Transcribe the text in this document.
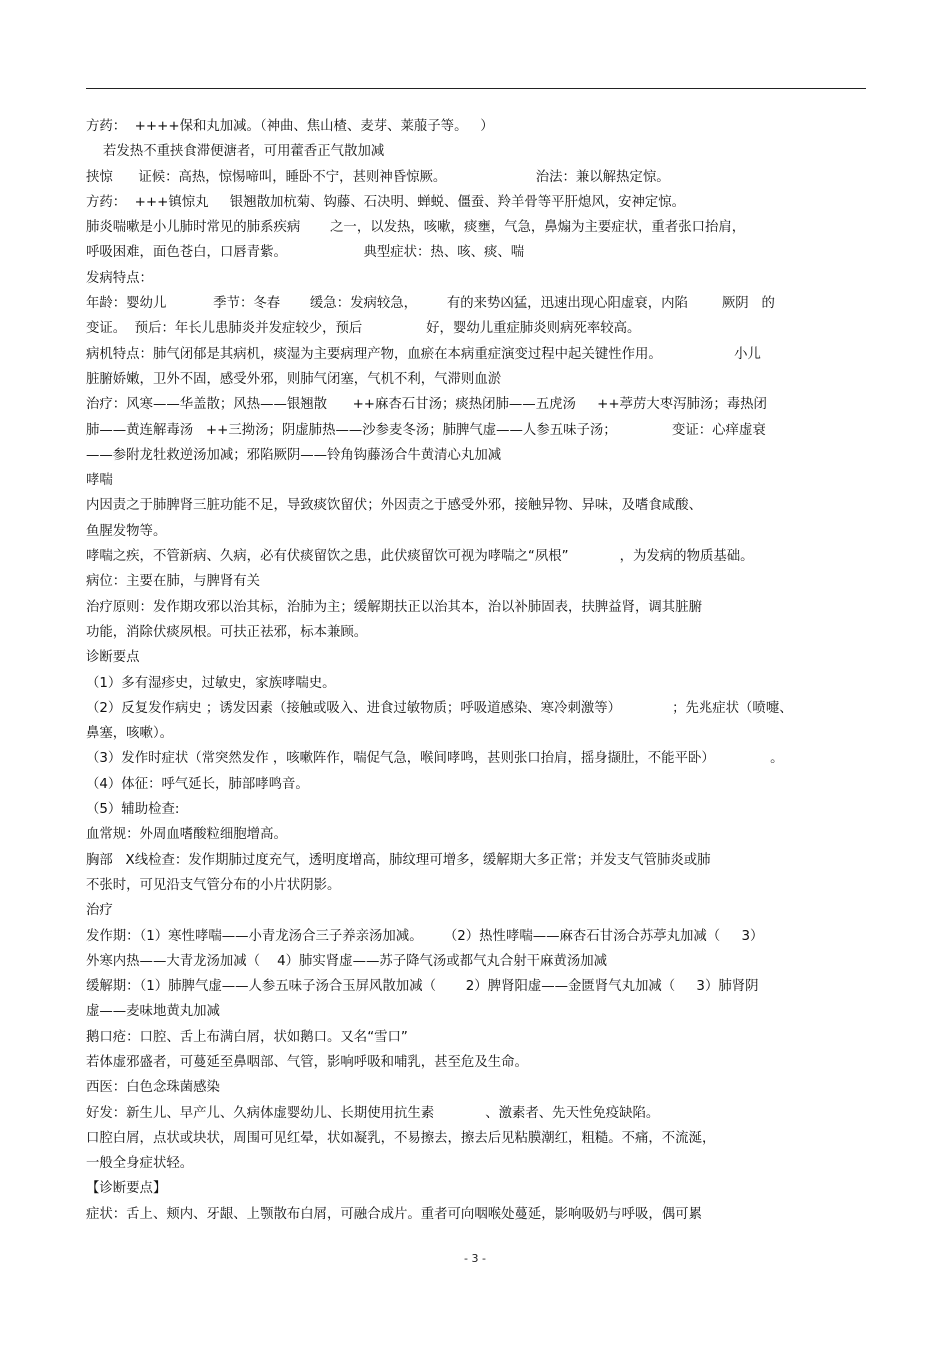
方药：  ++++保和丸加减。（神曲、焦山楂、麦芽、莱菔子等。   ）
若发热不重挟食滞便溏者，可用藿香正气散加减
挟惊      证候：高热，惊惕啼叫，睡卧不宁，甚则神昏惊厥。                     治法：兼以解热定惊。
方药：  +++镇惊丸     银翘散加杭菊、钩藤、石决明、蝉蜕、僵蚕、羚羊骨等平肝熄风，安神定惊。
肺炎喘嗽是小儿肺时常见的肺系疾病       之一，以发热，咳嗽，痰壅，气急，鼻煽为主要症状，重者张口抬肩，
呼吸困难，面色苍白，口唇青紫。                  典型症状：热、咳、痰、喘
发病特点：
年龄：婴幼儿           季节：冬春       缓急：发病较急，       有的来势凶猛，迅速出现心阳虚衰，内陷        厥阴   的
变证。  预后：年长儿患肺炎并发症较少，预后               好，婴幼儿重症肺炎则病死率较高。
病机特点：肺气闭郁是其病机，痰湿为主要病理产物，血瘀在本病重症演变过程中起关键性作用。                 小儿
脏腑娇嫩，卫外不固，感受外邪，则肺气闭塞，气机不利，气滞则血淤
治疗：风寒——华盖散；风热——银翘散      ++麻杏石甘汤；痰热闭肺——五虎汤     ++葶苈大枣泻肺汤；毒热闭
肺——黄连解毒汤   ++三拗汤；阴虚肺热——沙参麦冬汤；肺脾气虚——人参五味子汤；             变证：心痒虚衰
——参附龙牡救逆汤加减；邪陷厥阴——铃角钩藤汤合牛黄清心丸加减
哮喘
内因责之于肺脾肾三脏功能不足，导致痰饮留伏；外因责之于感受外邪，接触异物、异味，及嗜食咸酸、
鱼腥发物等。
哮喘之疾，不管新病、久病，必有伏痰留饮之患，此伏痰留饮可视为哮喘之“夙根”            ，为发病的物质基础。
病位：主要在肺，与脾肾有关
治疗原则：发作期攻邪以治其标，治肺为主；缓解期扶正以治其本，治以补肺固表，扶脾益肾，调其脏腑
功能，消除伏痰夙根。可扶正祛邪，标本兼顾。
诊断要点
（1）多有湿疹史，过敏史，家族哮喘史。
（2）反复发作病史 ；诱发因素（接触或吸入、进食过敏物质；呼吸道感染、寒冷刺激等）            ；先兆症状（喷嚏、
鼻塞，咳嗽）。
（3）发作时症状（常突然发作 ，咳嗽阵作，喘促气急，喉间哮鸣，甚则张口抬肩，摇身撷肚，不能平卧）             。
（4）体征：呼气延长，肺部哮鸣音。
（5）辅助检查:
血常规：外周血嗜酸粒细胞增高。
胸部   X线检查：发作期肺过度充气，透明度增高，肺纹理可增多，缓解期大多正常；并发支气管肺炎或肺
不张时，可见沿支气管分布的小片状阴影。
治疗
发作期：（1）寒性哮喘——小青龙汤合三子养亲汤加减。     （2）热性哮喘——麻杏石甘汤合苏葶丸加减（     3）
外寒内热——大青龙汤加减（    4）肺实肾虚——苏子降气汤或都气丸合射干麻黄汤加减
缓解期：（1）肺脾气虚——人参五味子汤合玉屏风散加减（       2）脾肾阳虚——金匮肾气丸加减（     3）肺肾阴
虚——麦味地黄丸加减
鹅口疮：口腔、舌上布满白屑，状如鹅口。又名“雪口”
若体虚邪盛者，可蔓延至鼻咽部、气管，影响呼吸和哺乳，甚至危及生命。
西医：白色念珠菌感染
好发：新生儿、早产儿、久病体虚婴幼儿、长期使用抗生素            、激素者、先天性免疫缺陷。
口腔白屑，点状或块状，周围可见红晕，状如凝乳，不易擦去，擦去后见粘膜潮红，粗糙。不痛，不流涎，
一般全身症状轻。
【诊断要点】
症状：舌上、颊内、牙龈、上颚散布白屑，可融合成片。重者可向咽喉处蔓延，影响吸奶与呼吸，偶可累
- 3 -
